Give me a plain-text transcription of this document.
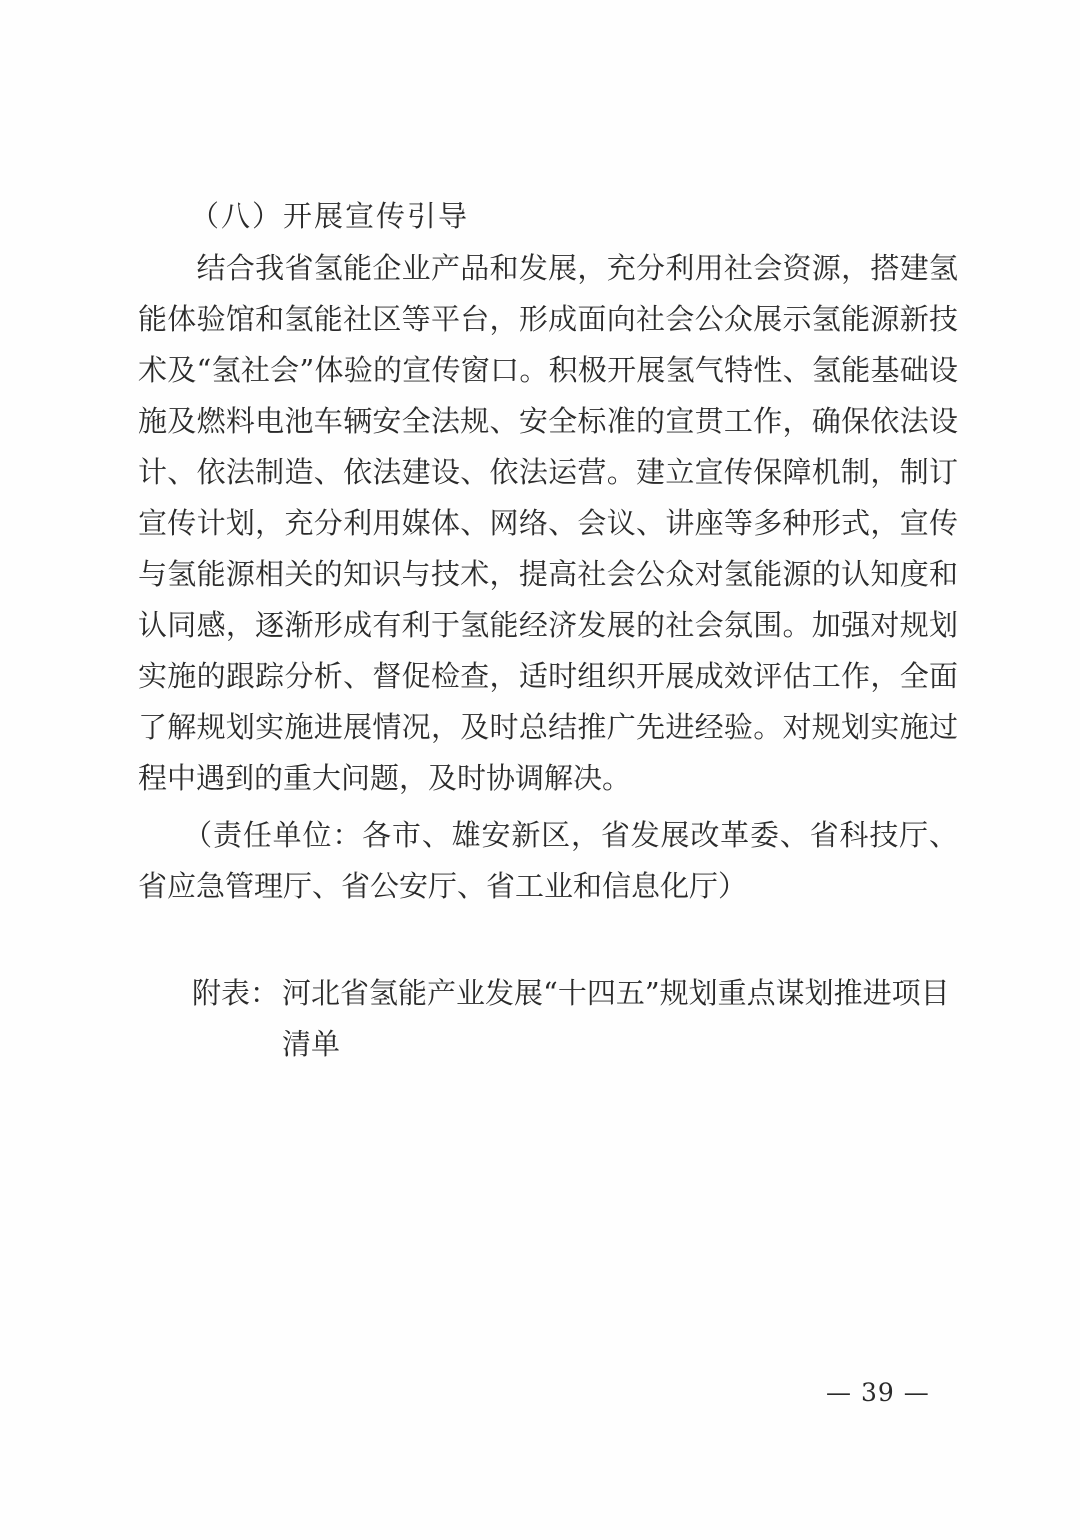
（八）开展宣传引导
　　结合我省氢能企业产品和发展，充分利用社会资源，搭建氢
能体验馆和氢能社区等平台，形成面向社会公众展示氢能源新技
术及“氢社会”体验的宣传窗口。积极开展氢气特性、氢能基础设
施及燃料电池车辆安全法规、安全标准的宣贯工作，确保依法设
计、依法制造、依法建设、依法运营。建立宣传保障机制，制订
宣传计划，充分利用媒体、网络、会议、讲座等多种形式，宣传
与氢能源相关的知识与技术，提高社会公众对氢能源的认知度和
认同感，逐渐形成有利于氢能经济发展的社会氛围。加强对规划
实施的跟踪分析、督促检查，适时组织开展成效评估工作，全面
了解规划实施进展情况，及时总结推广先进经验。对规划实施过
程中遇到的重大问题，及时协调解决。
　　（责任单位：各市、雄安新区，省发展改革委、省科技厅、
省应急管理厅、省公安厅、省工业和信息化厅）
附表： 河北省氢能产业发展“十四五”规划重点谋划推进项目
清单
— 39 —
